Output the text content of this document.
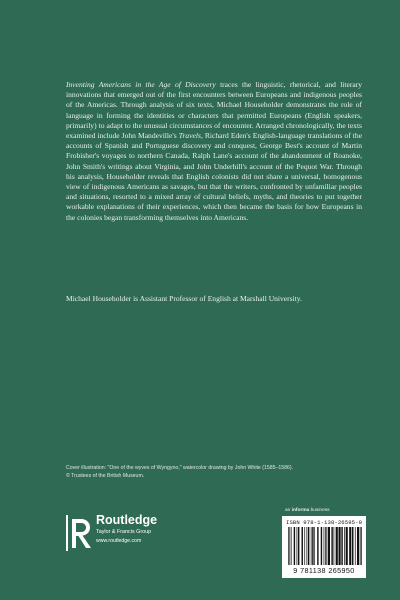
Inventing Americans in the Age of Discovery traces the linguistic, rhetorical, and literary innovations that emerged out of the first encounters between Europeans and indigenous peoples of the Americas. Through analysis of six texts, Michael Householder demonstrates the role of language in forming the identities or characters that permitted Europeans (English speakers, primarily) to adapt to the unusual circumstances of encounter. Arranged chronologically, the texts examined include John Mandeville's Travels, Richard Eden's English-language translations of the accounts of Spanish and Portuguese discovery and conquest, George Best's account of Martin Frobisher's voyages to northern Canada, Ralph Lane's account of the abandonment of Roanoke, John Smith's writings about Virginia, and John Underhill's account of the Pequot War. Through his analysis, Householder reveals that English colonists did not share a universal, homogenous view of indigenous Americans as savages, but that the writers, confronted by unfamiliar peoples and situations, resorted to a mixed array of cultural beliefs, myths, and theories to put together workable explanations of their experiences, which then became the basis for how Europeans in the colonies began transforming themselves into Americans.

Michael Householder is Assistant Professor of English at Marshall University.

Cover illustration: "One of the wyves of Wyngyno," watercolor drawing by John White (1585–1586).
© Trustees of the British Museum.
an informa business
ISBN 978-1-138-26595-0
9 781138 265950
Routledge
Taylor & Francis Group
www.routledge.com
